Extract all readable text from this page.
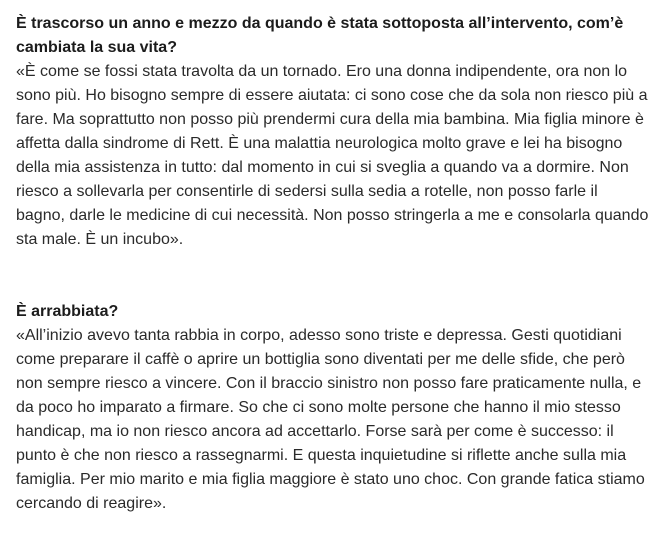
È trascorso un anno e mezzo da quando è stata sottoposta all’intervento, com’è cambiata la sua vita?

«È come se fossi stata travolta da un tornado. Ero una donna indipendente, ora non lo sono più. Ho bisogno sempre di essere aiutata: ci sono cose che da sola non riesco più a fare. Ma soprattutto non posso più prendermi cura della mia bambina. Mia figlia minore è affetta dalla sindrome di Rett. È una malattia neurologica molto grave e lei ha bisogno della mia assistenza in tutto: dal momento in cui si sveglia a quando va a dormire. Non riesco a sollevarla per consentirle di sedersi sulla sedia a rotelle, non posso farle il bagno, darle le medicine di cui necessità. Non posso stringerla a me e consolarla quando sta male. È un incubo».

È arrabbiata?

«All’inizio avevo tanta rabbia in corpo, adesso sono triste e depressa. Gesti quotidiani come preparare il caffè o aprire un bottiglia sono diventati per me delle sfide, che però non sempre riesco a vincere. Con il braccio sinistro non posso fare praticamente nulla, e da poco ho imparato a firmare. So che ci sono molte persone che hanno il mio stesso handicap, ma io non riesco ancora ad accettarlo. Forse sarà per come è successo: il punto è che non riesco a rassegnarmi. E questa inquietudine si riflette anche sulla mia famiglia. Per mio marito e mia figlia maggiore è stato uno choc. Con grande fatica stiamo cercando di reagire».
